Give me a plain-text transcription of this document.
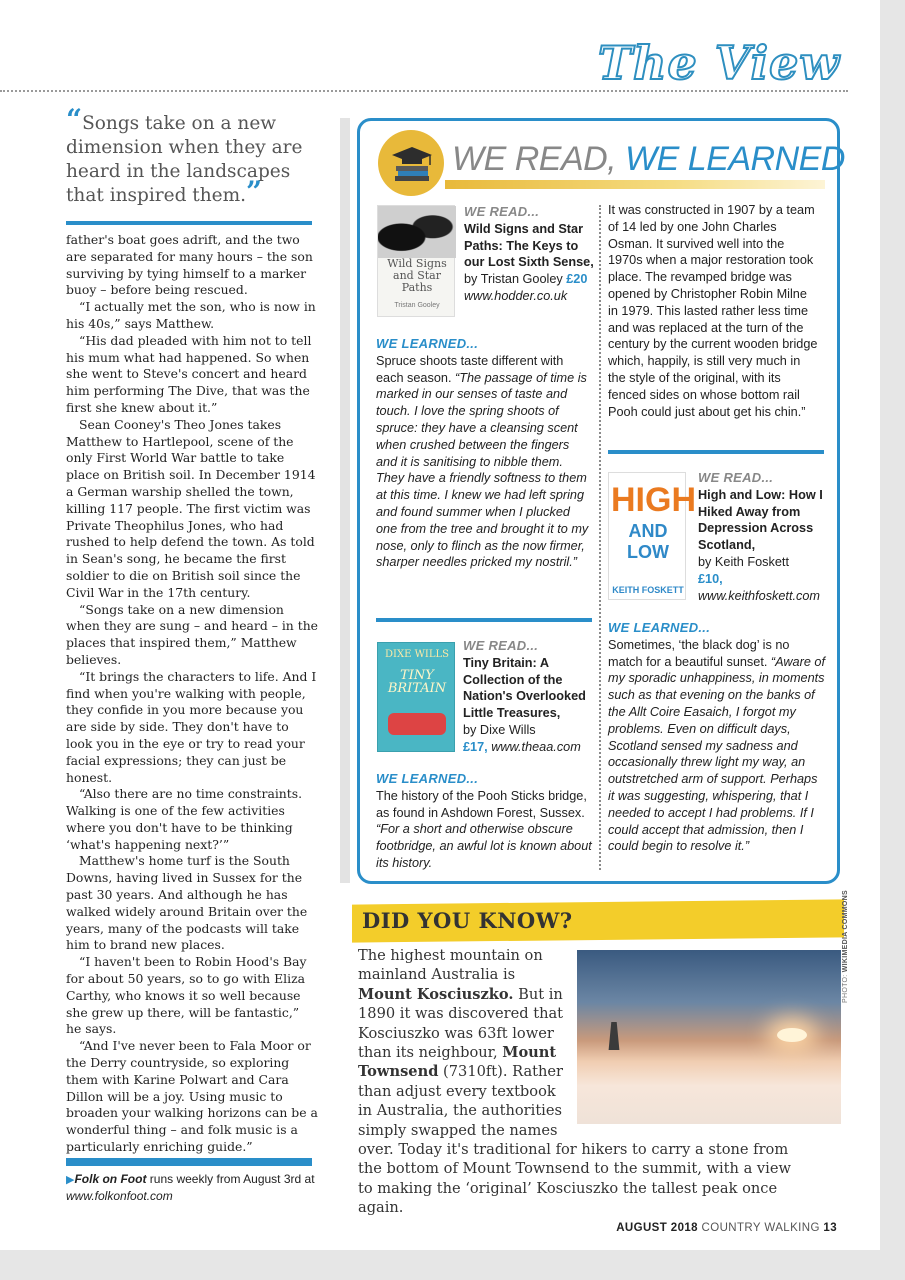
The View
“Songs take on a new dimension when they are heard in the landscapes that inspired them.”

father's boat goes adrift, and the two are separated for many hours – the son surviving by tying himself to a marker buoy – before being rescued.

“I actually met the son, who is now in his 40s,” says Matthew.

“His dad pleaded with him not to tell his mum what had happened. So when she went to Steve's concert and heard him performing The Dive, that was the first she knew about it.”

Sean Cooney's Theo Jones takes Matthew to Hartlepool, scene of the only First World War battle to take place on British soil. In December 1914 a German warship shelled the town, killing 117 people. The first victim was Private Theophilus Jones, who had rushed to help defend the town. As told in Sean's song, he became the first soldier to die on British soil since the Civil War in the 17th century.

“Songs take on a new dimension when they are sung – and heard – in the places that inspired them,” Matthew believes.

“It brings the characters to life. And I find when you're walking with people, they confide in you more because you are side by side. They don't have to look you in the eye or try to read your facial expressions; they can just be honest.

“Also there are no time constraints. Walking is one of the few activities where you don't have to be thinking ‘what's happening next?’”

Matthew's home turf is the South Downs, having lived in Sussex for the past 30 years. And although he has walked widely around Britain over the years, many of the podcasts will take him to brand new places.

“I haven't been to Robin Hood's Bay for about 50 years, so to go with Eliza Carthy, who knows it so well because she grew up there, will be fantastic,” he says.

“And I've never been to Fala Moor or the Derry countryside, so exploring them with Karine Polwart and Cara Dillon will be a joy. Using music to broaden your walking horizons can be a wonderful thing – and folk music is a particularly enriching guide.”

▶Folk on Foot runs weekly from August 3rd at www.folkonfoot.com
WE READ, WE LEARNED
Wild Signs and Star Paths
Tristan Gooley
WE READ...
Wild Signs and Star Paths: The Keys to our Lost Sixth Sense, by Tristan Gooley £20
www.hodder.co.uk
WE LEARNED...
Spruce shoots taste different with each season. “The passage of time is marked in our senses of taste and touch. I love the spring shoots of spruce: they have a cleansing scent when crushed between the fingers and it is sanitising to nibble them. They have a friendly softness to them at this time. I knew we had left spring and found summer when I plucked one from the tree and brought it to my nose, only to flinch as the now firmer, sharper needles pricked my nostril.”
DIXE WILLS
TINY BRITAIN
WE READ...
Tiny Britain: A Collection of the Nation's Overlooked Little Treasures,
by Dixe Wills
£17, www.theaa.com
WE LEARNED...
The history of the Pooh Sticks bridge, as found in Ashdown Forest, Sussex. “For a short and otherwise obscure footbridge, an awful lot is known about its history.
It was constructed in 1907 by a team of 14 led by one John Charles Osman. It survived well into the 1970s when a major restoration took place. The revamped bridge was opened by Christopher Robin Milne in 1979. This lasted rather less time and was replaced at the turn of the century by the current wooden bridge which, happily, is still very much in the style of the original, with its fenced sides on whose bottom rail Pooh could just about get his chin.”
HIGH
AND LOW
KEITH FOSKETT
WE READ...
High and Low: How I Hiked Away from Depression Across Scotland,
by Keith Foskett
£10, www.keithfoskett.com
WE LEARNED...
Sometimes, ‘the black dog’ is no match for a beautiful sunset. “Aware of my sporadic unhappiness, in moments such as that evening on the banks of the Allt Coire Easaich, I forgot my problems. Even on difficult days, Scotland sensed my sadness and occasionally threw light my way, an outstretched arm of support. Perhaps it was suggesting, whispering, that I needed to accept I had problems. If I could accept that admission, then I could begin to resolve it.”
DID YOU KNOW?
PHOTO: WIKIMEDIA COMMONS
The highest mountain on mainland Australia is Mount Kosciuszko. But in 1890 it was discovered that Kosciuszko was 63ft lower than its neighbour, Mount Townsend (7310ft). Rather than adjust every textbook in Australia, the authorities simply swapped the names over. Today it's traditional for hikers to carry a stone from the bottom of Mount Townsend to the summit, with a view to making the ‘original’ Kosciuszko the tallest peak once again.
AUGUST 2018 COUNTRY WALKING 13
